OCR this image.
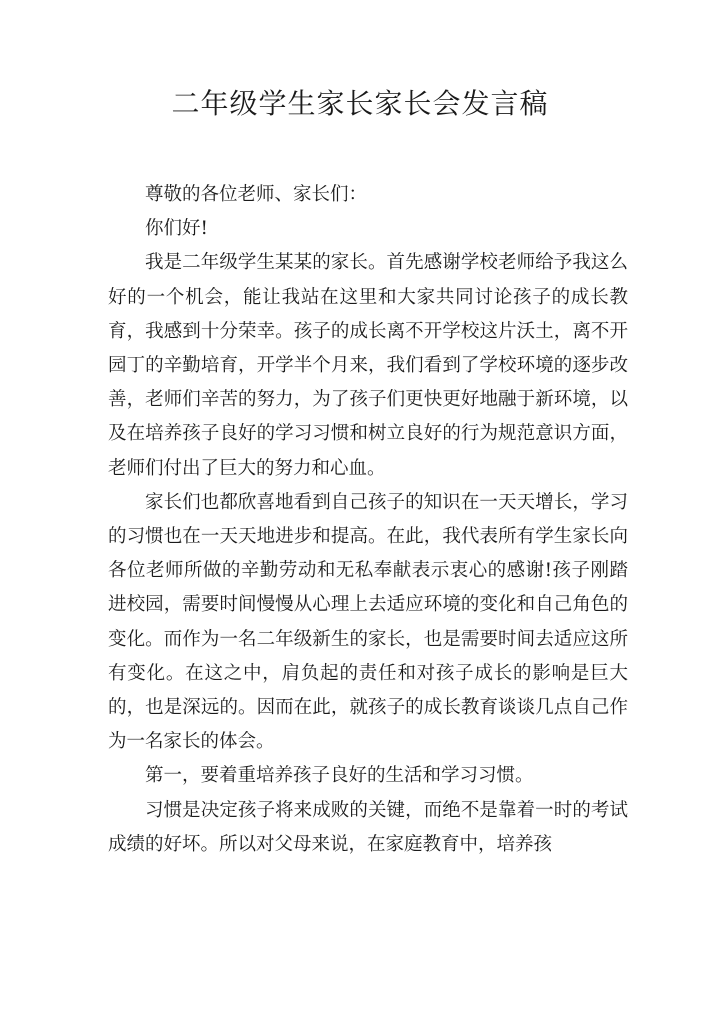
二年级学生家长家长会发言稿

尊敬的各位老师、家长们：

你们好!

我是二年级学生某某的家长。首先感谢学校老师给予我这么好的一个机会，能让我站在这里和大家共同讨论孩子的成长教育，我感到十分荣幸。孩子的成长离不开学校这片沃土，离不开园丁的辛勤培育，开学半个月来，我们看到了学校环境的逐步改善，老师们辛苦的努力，为了孩子们更快更好地融于新环境，以及在培养孩子良好的学习习惯和树立良好的行为规范意识方面，老师们付出了巨大的努力和心血。

家长们也都欣喜地看到自己孩子的知识在一天天增长，学习的习惯也在一天天地进步和提高。在此，我代表所有学生家长向各位老师所做的辛勤劳动和无私奉献表示衷心的感谢!孩子刚踏进校园，需要时间慢慢从心理上去适应环境的变化和自己角色的变化。而作为一名二年级新生的家长，也是需要时间去适应这所有变化。在这之中，肩负起的责任和对孩子成长的影响是巨大的，也是深远的。因而在此，就孩子的成长教育谈谈几点自己作为一名家长的体会。

第一，要着重培养孩子良好的生活和学习习惯。

习惯是决定孩子将来成败的关键，而绝不是靠着一时的考试成绩的好坏。所以对父母来说，在家庭教育中，培养孩
